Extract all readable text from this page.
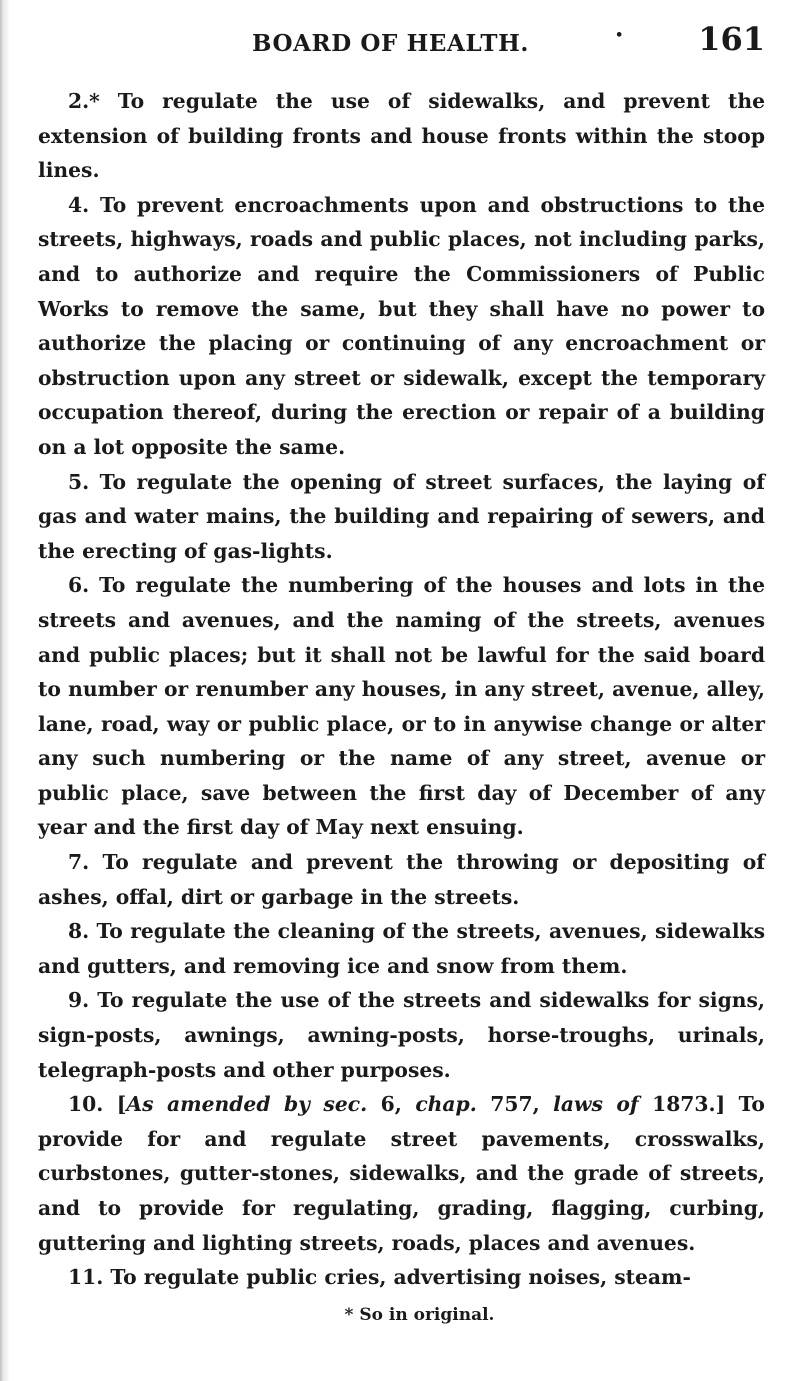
BOARD OF HEALTH.	• 161

2.* To regulate the use of sidewalks, and prevent the extension of building fronts and house fronts within the stoop lines.

4. To prevent encroachments upon and obstructions to the streets, highways, roads and public places, not including parks, and to authorize and require the Commissioners of Public Works to remove the same, but they shall have no power to authorize the placing or continuing of any encroachment or obstruction upon any street or sidewalk, except the temporary occupation thereof, during the erection or repair of a building on a lot opposite the same.

5. To regulate the opening of street surfaces, the laying of gas and water mains, the building and repairing of sewers, and the erecting of gas-lights.

6. To regulate the numbering of the houses and lots in the streets and avenues, and the naming of the streets, avenues and public places; but it shall not be lawful for the said board to number or renumber any houses, in any street, avenue, alley, lane, road, way or public place, or to in anywise change or alter any such numbering or the name of any street, avenue or public place, save between the first day of December of any year and the first day of May next ensuing.

7. To regulate and prevent the throwing or depositing of ashes, offal, dirt or garbage in the streets.

8. To regulate the cleaning of the streets, avenues, sidewalks and gutters, and removing ice and snow from them.

9. To regulate the use of the streets and sidewalks for signs, sign-posts, awnings, awning-posts, horse-troughs, urinals, telegraph-posts and other purposes.

10. [As amended by sec. 6, chap. 757, laws of 1873.] To provide for and regulate street pavements, crosswalks, curbstones, gutter-stones, sidewalks, and the grade of streets, and to provide for regulating, grading, flagging, curbing, guttering and lighting streets, roads, places and avenues.

11. To regulate public cries, advertising noises, steam-

* So in original.
